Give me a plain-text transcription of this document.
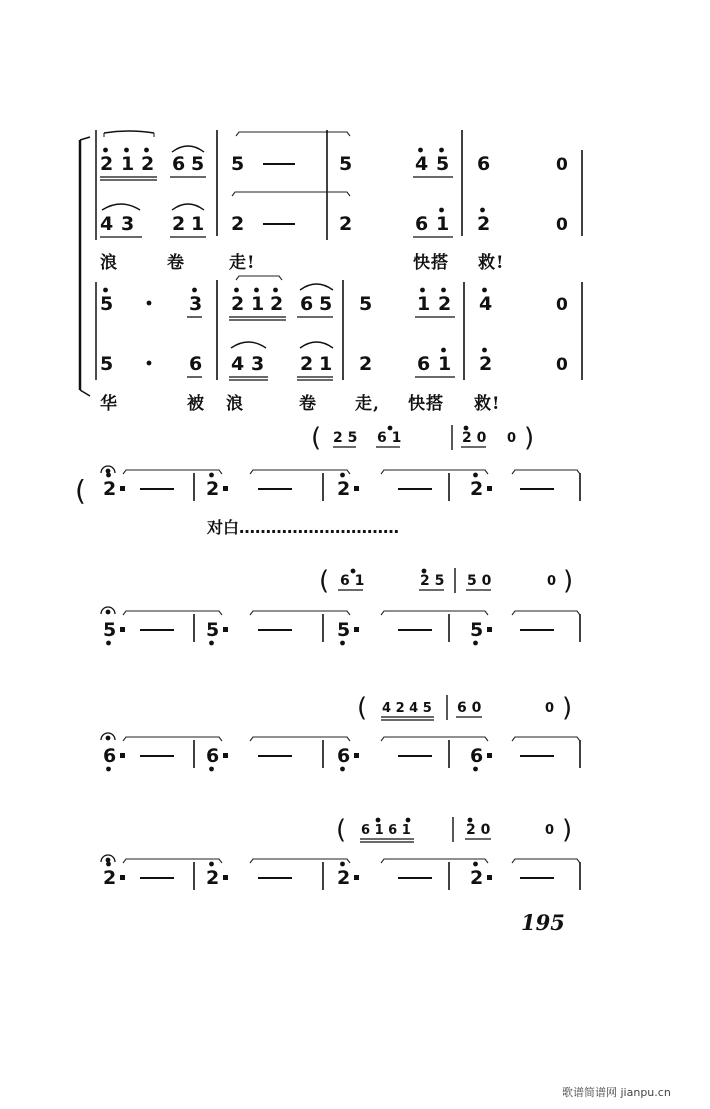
2 1 2 6 5 5	5	4 5 6	0
4 3 2 1 2	2	6 1 2	0
5	3 2 1 2 6 5 5 1 2 4	0
5	6 4 3 2 1 2 6 1 2	0
( 2 5 6 1	2 0 0 )
( 2	2	2	2
( 6 1	2 5 5 0	0 )
5	5	5	5
( 4 2 4 5 6 0	0 )
6	6	6	6
( 6 1 6 1	2 0	0 )
2	2	2	2
浪	卷	走!	快搭 救!
华	被 浪	卷 走, 快搭 救!
对白…………………………
195
歌谱简谱网 jianpu.cn
